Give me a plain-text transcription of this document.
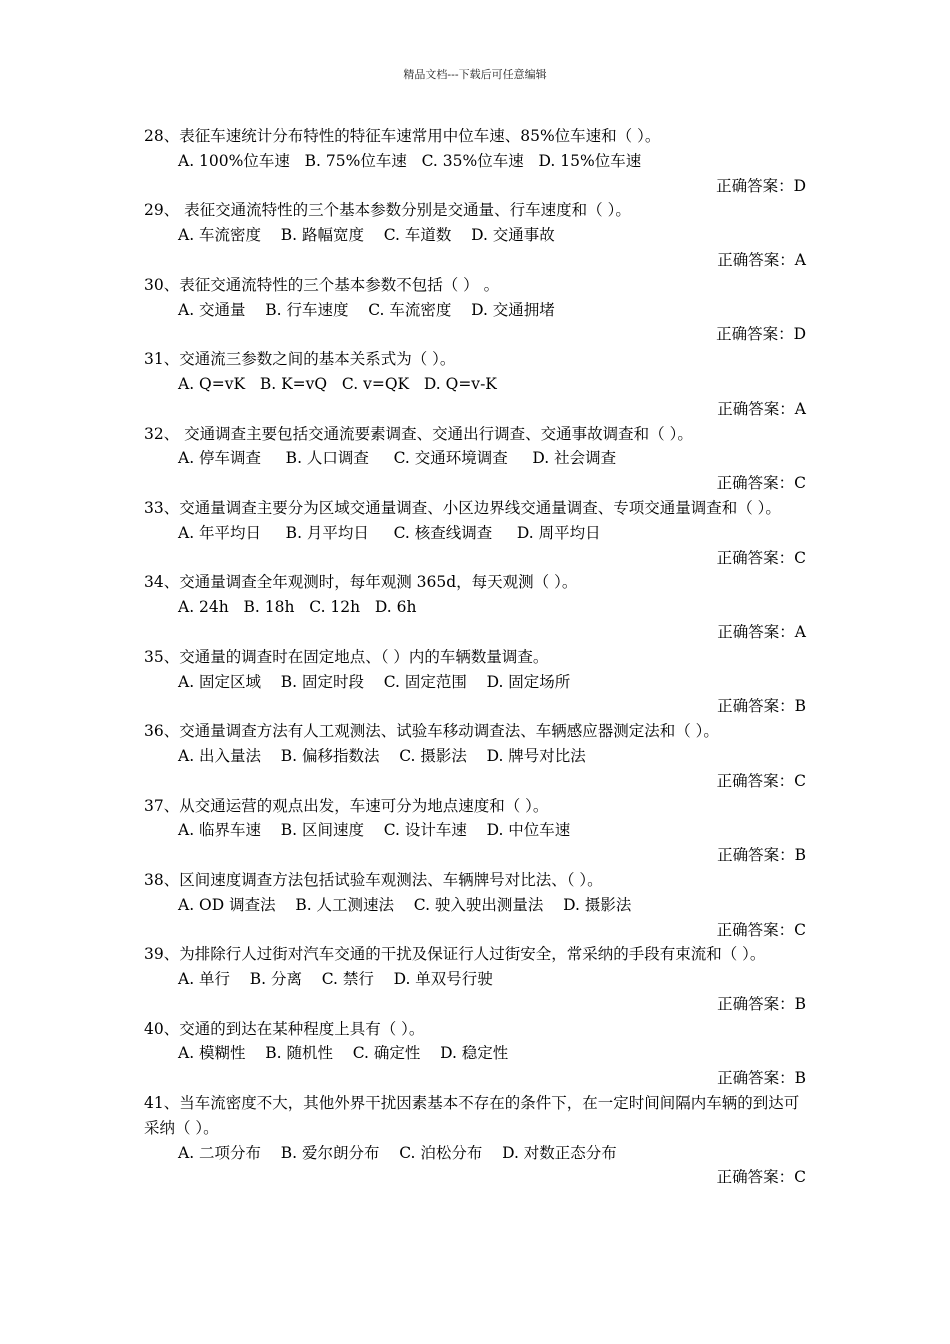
精品文档---下载后可任意编辑
28、表征车速统计分布特性的特征车速常用中位车速、85%位车速和（ ）。
A. 100%位车速   B. 75%位车速   C. 35%位车速   D. 15%位车速
正确答案：D
29、 表征交通流特性的三个基本参数分别是交通量、行车速度和（ ）。
A. 车流密度    B. 路幅宽度    C. 车道数    D. 交通事故
正确答案：A
30、表征交通流特性的三个基本参数不包括（ ） 。
A. 交通量    B. 行车速度    C. 车流密度    D. 交通拥堵
正确答案：D
31、交通流三参数之间的基本关系式为（ ）。
A. Q=vK   B. K=vQ   C. v=QK   D. Q=v-K
正确答案：A
32、 交通调查主要包括交通流要素调查、交通出行调查、交通事故调查和（ ）。
A. 停车调查     B. 人口调查     C. 交通环境调查     D. 社会调查
正确答案：C
33、交通量调查主要分为区域交通量调查、小区边界线交通量调查、专项交通量调查和（ ）。
A. 年平均日     B. 月平均日     C. 核查线调查     D. 周平均日
正确答案：C
34、交通量调查全年观测时，每年观测 365d，每天观测（ ）。
A. 24h   B. 18h   C. 12h   D. 6h
正确答案：A
35、交通量的调查时在固定地点、（ ）内的车辆数量调查。
A. 固定区域    B. 固定时段    C. 固定范围    D. 固定场所
正确答案：B
36、交通量调查方法有人工观测法、试验车移动调查法、车辆感应器测定法和（ ）。
A. 出入量法    B. 偏移指数法    C. 摄影法    D. 牌号对比法
正确答案：C
37、从交通运营的观点出发，车速可分为地点速度和（ ）。
A. 临界车速    B. 区间速度    C. 设计车速    D. 中位车速
正确答案：B
38、区间速度调查方法包括试验车观测法、车辆牌号对比法、（ ）。
A. OD 调查法    B. 人工测速法    C. 驶入驶出测量法    D. 摄影法
正确答案：C
39、为排除行人过街对汽车交通的干扰及保证行人过街安全，常采纳的手段有束流和（ ）。
A. 单行    B. 分离    C. 禁行    D. 单双号行驶
正确答案：B
40、交通的到达在某种程度上具有（ ）。
A. 模糊性    B. 随机性    C. 确定性    D. 稳定性
正确答案：B
41、当车流密度不大，其他外界干扰因素基本不存在的条件下，在一定时间间隔内车辆的到达可采纳（ ）。
A. 二项分布    B. 爱尔朗分布    C. 泊松分布    D. 对数正态分布
正确答案：C
